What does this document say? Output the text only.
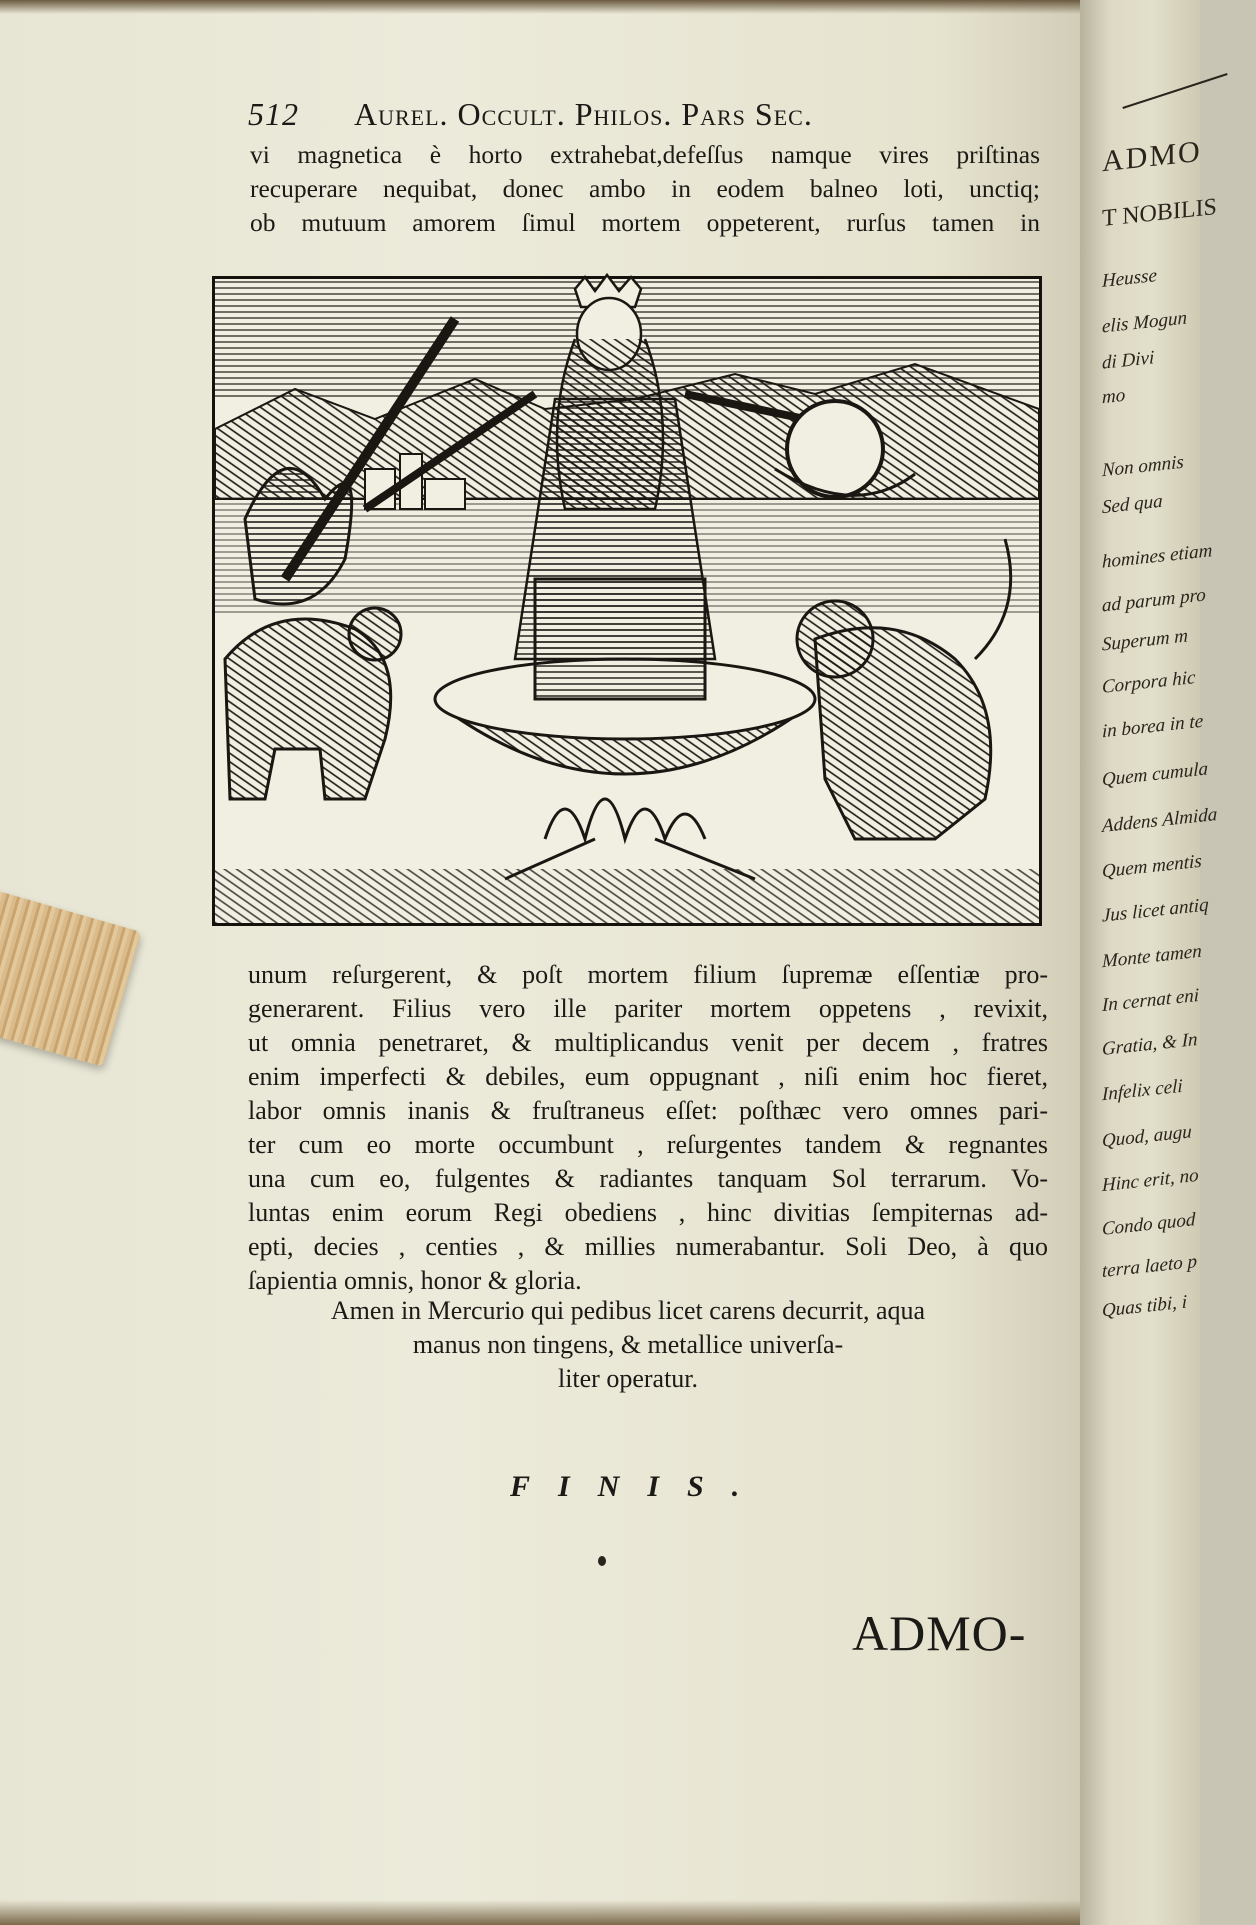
512 Aurel. Occult. Philos. Pars Sec.
vi magnetica è horto extrahebat,defeſſus namque vires priſtinas
recuperare nequibat, donec ambo in eodem balneo loti, unctiq;
ob mutuum amorem ſimul mortem oppeterent, rurſus tamen in
unum reſurgerent, & poſt mortem filium ſupremæ eſſentiæ pro-
generarent. Filius vero ille pariter mortem oppetens , revixit,
ut omnia penetraret, & multiplicandus venit per decem , fratres
enim imperfecti & debiles, eum oppugnant , niſi enim hoc fieret,
labor omnis inanis & fruſtraneus eſſet: poſthæc vero omnes pari-
ter cum eo morte occumbunt , reſurgentes tandem & regnantes
una cum eo, fulgentes & radiantes tanquam Sol terrarum. Vo-
luntas enim eorum Regi obediens , hinc divitias ſempiternas ad-
epti, decies , centies , & millies numerabantur. Soli Deo, à quo
ſapientia omnis, honor & gloria.
Amen in Mercurio qui pedibus licet carens decurrit, aqua
manus non tingens, & metallice univerſa-
liter operatur.
FINIS.
ADMO-
ADMO
T NOBILIS
Heusse
elis Mogun
di Divi
mo
Non omnis
Sed qua
homines etiam
ad parum pro
Superum m
Corpora hic
in borea in te
Quem cumula
Addens Almida
Quem mentis
Jus licet antiq
Monte tamen
In cernat eni
Gratia, & In
Infelix celi
Quod, augu
Hinc erit, no
Condo quod
terra laeto p
Quas tibi, i
